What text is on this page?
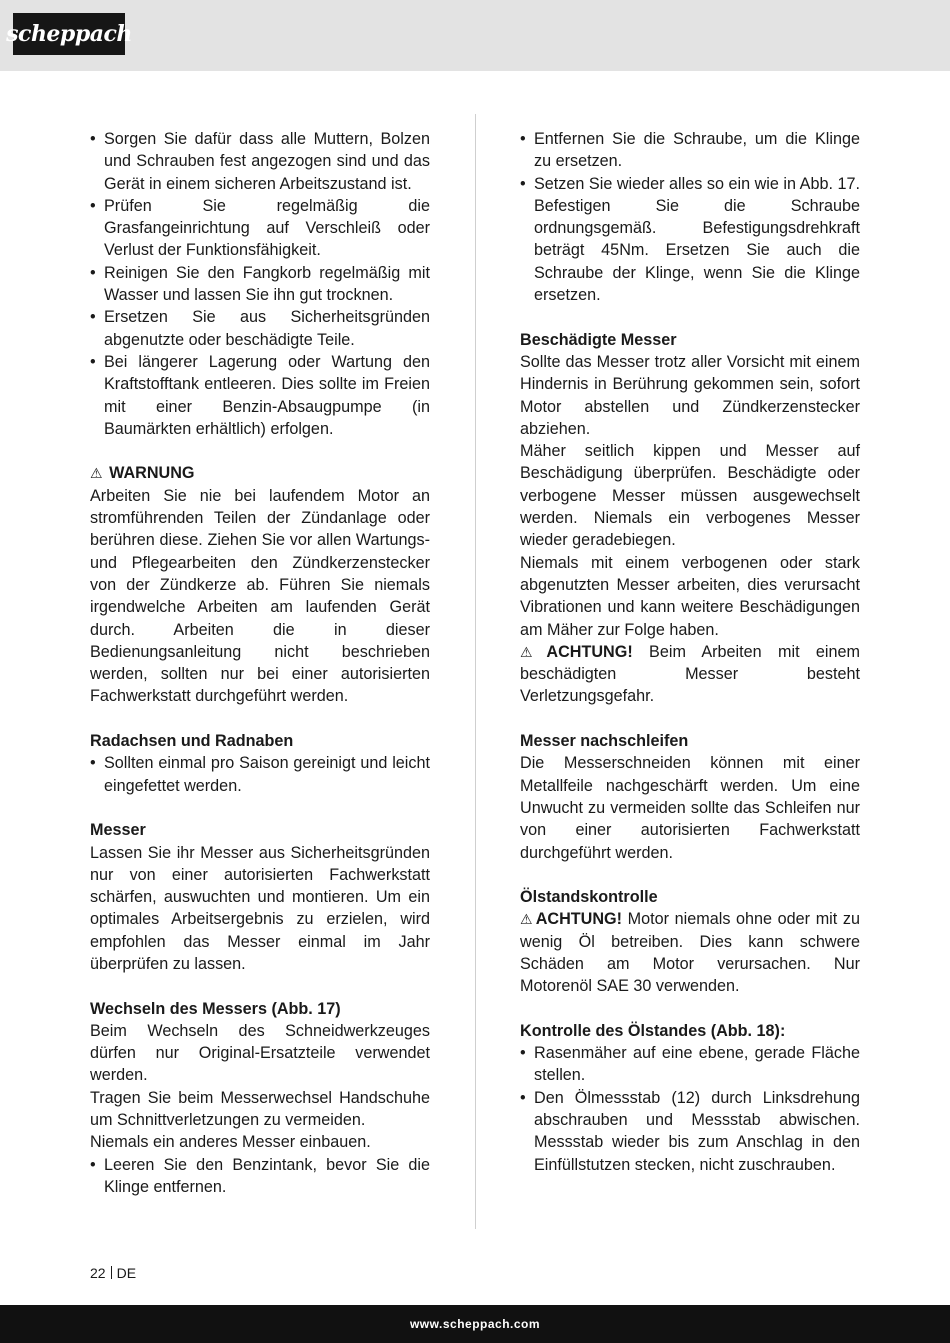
scheppach
• Sorgen Sie dafür dass alle Muttern, Bolzen und Schrauben fest angezogen sind und das Gerät in einem sicheren Arbeitszustand ist.
• Prüfen Sie regelmäßig die Grasfangeinrichtung auf Verschleiß oder Verlust der Funktionsfähigkeit.
• Reinigen Sie den Fangkorb regelmäßig mit Wasser und lassen Sie ihn gut trocknen.
• Ersetzen Sie aus Sicherheitsgründen abgenutzte oder beschädigte Teile.
• Bei längerer Lagerung oder Wartung den Kraftstofftank entleeren. Dies sollte im Freien mit einer Benzin-Absaugpumpe (in Baumärkten erhältlich) erfolgen.

⚠ WARNUNG

Arbeiten Sie nie bei laufendem Motor an stromführenden Teilen der Zündanlage oder berühren diese. Ziehen Sie vor allen Wartungs- und Pflegearbeiten den Zündkerzenstecker von der Zündkerze ab. Führen Sie niemals irgendwelche Arbeiten am laufenden Gerät durch. Arbeiten die in dieser Bedienungsanleitung nicht beschrieben werden, sollten nur bei einer autorisierten Fachwerkstatt durchgeführt werden.

Radachsen und Radnaben
• Sollten einmal pro Saison gereinigt und leicht eingefettet werden.
Messer

Lassen Sie ihr Messer aus Sicherheitsgründen nur von einer autorisierten Fachwerkstatt schärfen, auswuchten und montieren. Um ein optimales Arbeitsergebnis zu erzielen, wird empfohlen das Messer einmal im Jahr überprüfen zu lassen.

Wechseln des Messers (Abb. 17)

Beim Wechseln des Schneidwerkzeuges dürfen nur Original-Ersatzteile verwendet werden.

Tragen Sie beim Messerwechsel Handschuhe um Schnittverletzungen zu vermeiden.

Niemals ein anderes Messer einbauen.

• Leeren Sie den Benzintank, bevor Sie die Klinge entfernen.
• Entfernen Sie die Schraube, um die Klinge zu ersetzen.
• Setzen Sie wieder alles so ein wie in Abb. 17. Befestigen Sie die Schraube ordnungsgemäß. Befestigungsdrehkraft beträgt 45Nm. Ersetzen Sie auch die Schraube der Klinge, wenn Sie die Klinge ersetzen.
Beschädigte Messer

Sollte das Messer trotz aller Vorsicht mit einem Hindernis in Berührung gekommen sein, sofort Motor abstellen und Zündkerzenstecker abziehen.

Mäher seitlich kippen und Messer auf Beschädigung überprüfen. Beschädigte oder verbogene Messer müssen ausgewechselt werden. Niemals ein verbogenes Messer wieder geradebiegen.

Niemals mit einem verbogenen oder stark abgenutzten Messer arbeiten, dies verursacht Vibrationen und kann weitere Beschädigungen am Mäher zur Folge haben.

⚠ ACHTUNG! Beim Arbeiten mit einem beschädigten Messer besteht Verletzungsgefahr.

Messer nachschleifen

Die Messerschneiden können mit einer Metallfeile nachgeschärft werden. Um eine Unwucht zu vermeiden sollte das Schleifen nur von einer autorisierten Fachwerkstatt durchgeführt werden.

Ölstandskontrolle

⚠ ACHTUNG! Motor niemals ohne oder mit zu wenig Öl betreiben. Dies kann schwere Schäden am Motor verursachen. Nur Motorenöl SAE 30 verwenden.

Kontrolle des Ölstandes (Abb. 18):
• Rasenmäher auf eine ebene, gerade Fläche stellen.
• Den Ölmessstab (12) durch Linksdrehung abschrauben und Messstab abwischen. Messstab wieder bis zum Anschlag in den Einfüllstutzen stecken, nicht zuschrauben.
22 DE
www.scheppach.com
